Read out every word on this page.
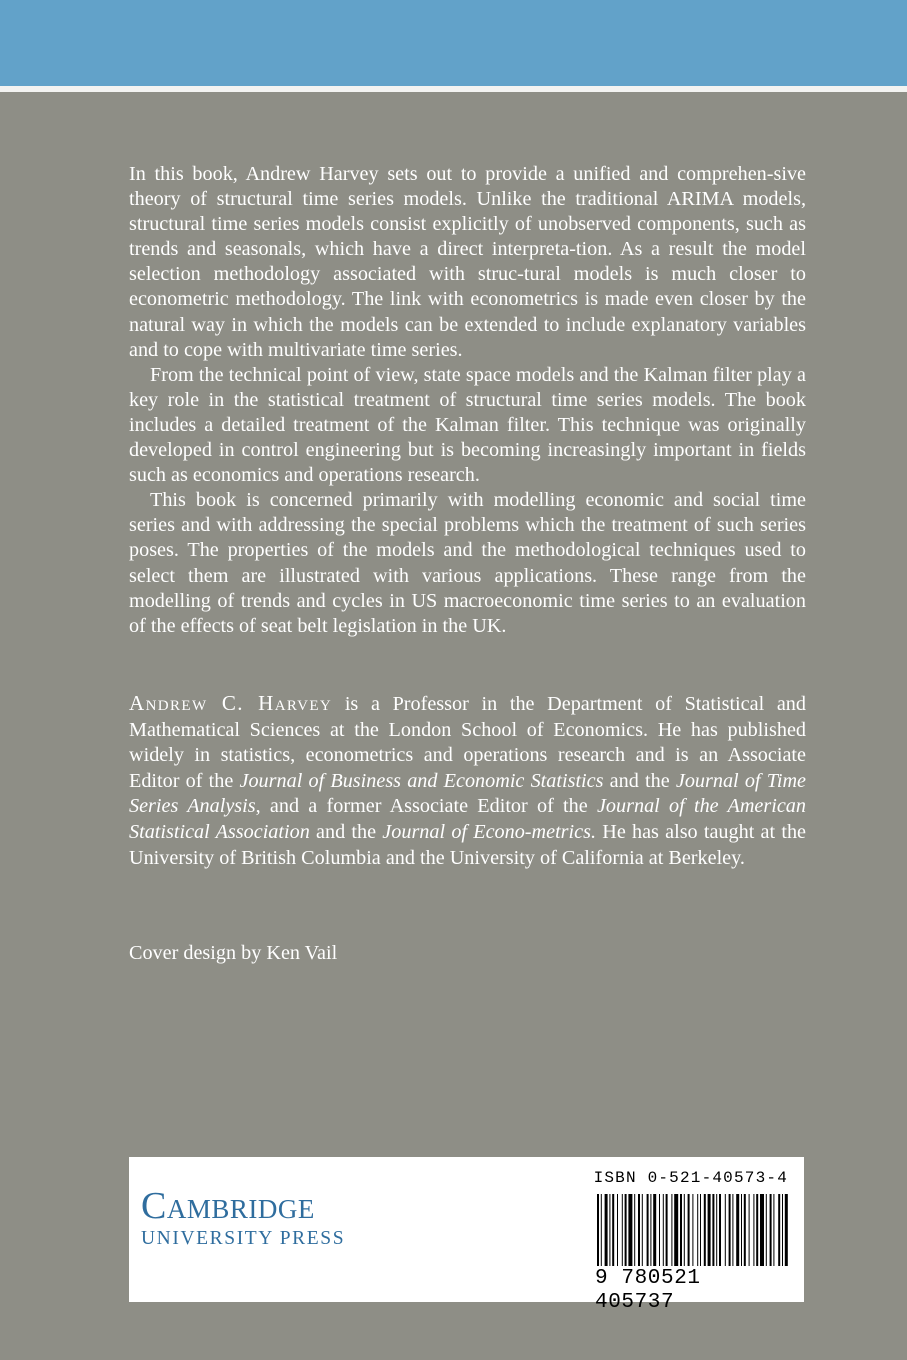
In this book, Andrew Harvey sets out to provide a unified and comprehen-sive theory of structural time series models. Unlike the traditional ARIMA models, structural time series models consist explicitly of unobserved components, such as trends and seasonals, which have a direct interpreta-tion. As a result the model selection methodology associated with struc-tural models is much closer to econometric methodology. The link with econometrics is made even closer by the natural way in which the models can be extended to include explanatory variables and to cope with multivariate time series.

From the technical point of view, state space models and the Kalman filter play a key role in the statistical treatment of structural time series models. The book includes a detailed treatment of the Kalman filter. This technique was originally developed in control engineering but is becoming increasingly important in fields such as economics and operations research.

This book is concerned primarily with modelling economic and social time series and with addressing the special problems which the treatment of such series poses. The properties of the models and the methodological techniques used to select them are illustrated with various applications. These range from the modelling of trends and cycles in US macroeconomic time series to an evaluation of the effects of seat belt legislation in the UK.

Andrew C. Harvey is a Professor in the Department of Statistical and Mathematical Sciences at the London School of Economics. He has published widely in statistics, econometrics and operations research and is an Associate Editor of the Journal of Business and Economic Statistics and the Journal of Time Series Analysis, and a former Associate Editor of the Journal of the American Statistical Association and the Journal of Econo-metrics. He has also taught at the University of British Columbia and the University of California at Berkeley.

Cover design by Ken Vail
Cambridge
UNIVERSITY PRESS
ISBN 0-521-40573-4
9 780521 405737
